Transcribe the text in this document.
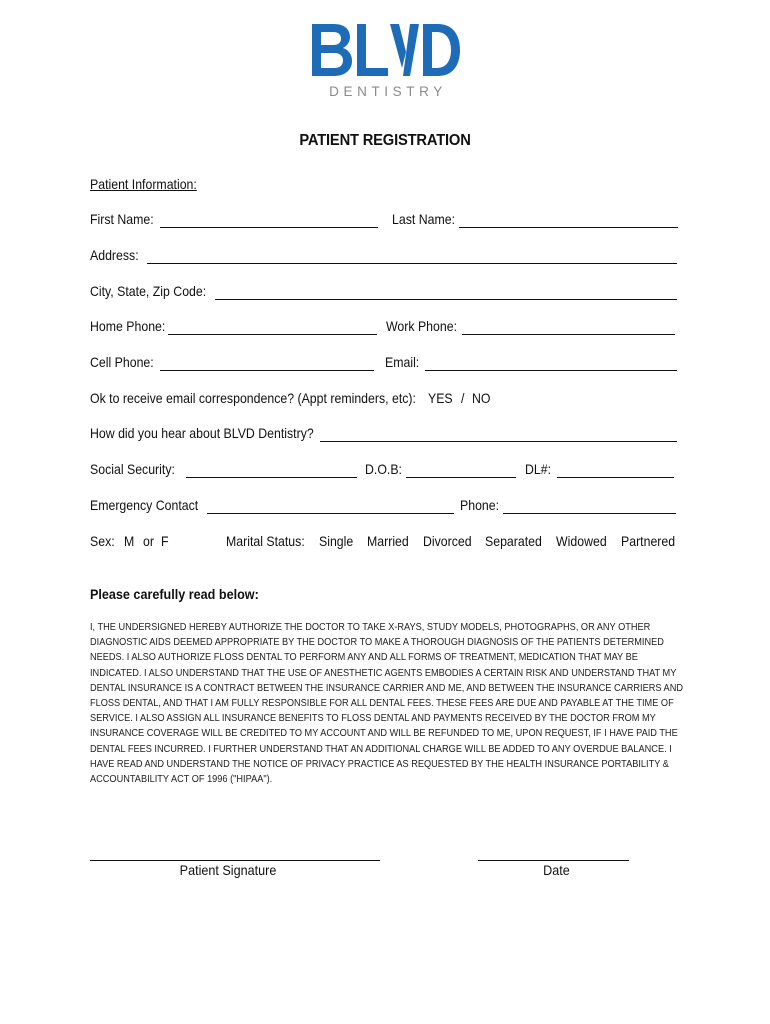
DENTISTRY
PATIENT REGISTRATION
Patient Information:
First Name:	Last Name:
Address:
City, State, Zip Code:
Home Phone:	Work Phone:
Cell Phone:	Email:
Ok to receive email correspondence? (Appt reminders, etc): YES / NO
How did you hear about BLVD Dentistry?
Social Security:	D.O.B:	DL#:
Emergency Contact	Phone:
Sex: M or F	Marital Status: Single Married Divorced Separated Widowed Partnered
Please carefully read below:
I, THE UNDERSIGNED HEREBY AUTHORIZE THE DOCTOR TO TAKE X-RAYS, STUDY MODELS, PHOTOGRAPHS, OR ANY OTHER DIAGNOSTIC AIDS DEEMED APPROPRIATE BY THE DOCTOR TO MAKE A THOROUGH DIAGNOSIS OF THE PATIENTS DETERMINED NEEDS. I ALSO AUTHORIZE FLOSS DENTAL TO PERFORM ANY AND ALL FORMS OF TREATMENT, MEDICATION THAT MAY BE INDICATED. I ALSO UNDERSTAND THAT THE USE OF ANESTHETIC AGENTS EMBODIES A CERTAIN RISK AND UNDERSTAND THAT MY DENTAL INSURANCE IS A CONTRACT BETWEEN THE INSURANCE CARRIER AND ME, AND BETWEEN THE INSURANCE CARRIERS AND FLOSS DENTAL, AND THAT I AM FULLY RESPONSIBLE FOR ALL DENTAL FEES. THESE FEES ARE DUE AND PAYABLE AT THE TIME OF SERVICE. I ALSO ASSIGN ALL INSURANCE BENEFITS TO FLOSS DENTAL AND PAYMENTS RECEIVED BY THE DOCTOR FROM MY INSURANCE COVERAGE WILL BE CREDITED TO MY ACCOUNT AND WILL BE REFUNDED TO ME, UPON REQUEST, IF I HAVE PAID THE DENTAL FEES INCURRED. I FURTHER UNDERSTAND THAT AN ADDITIONAL CHARGE WILL BE ADDED TO ANY OVERDUE BALANCE. I HAVE READ AND UNDERSTAND THE NOTICE OF PRIVACY PRACTICE AS REQUESTED BY THE HEALTH INSURANCE PORTABILITY & ACCOUNTABILITY ACT OF 1996 ("HIPAA").
Patient Signature	Date
